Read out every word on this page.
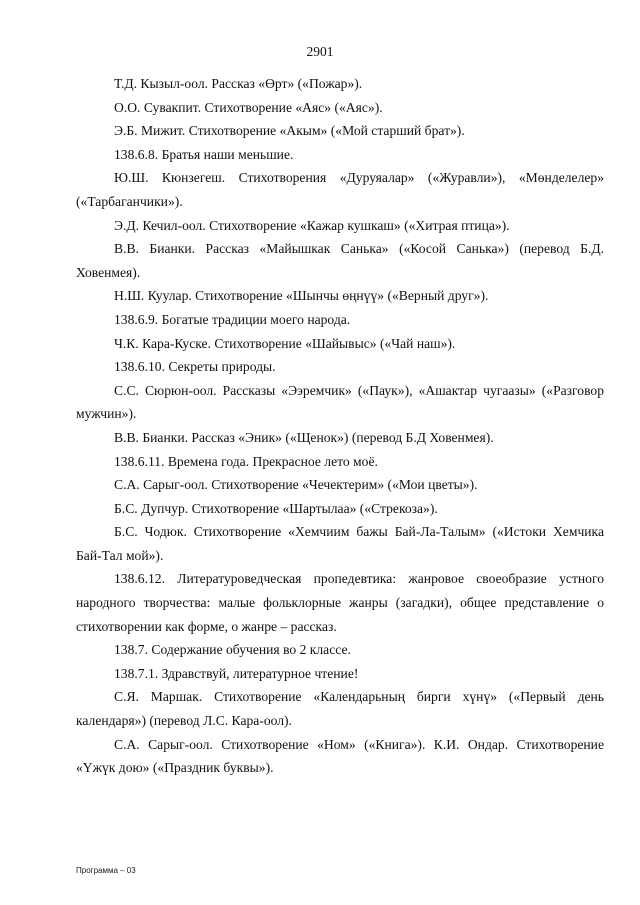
2901

Т.Д. Кызыл-оол. Рассказ «Өрт» («Пожар»).

О.О. Сувакпит. Стихотворение «Аяс» («Аяс»).

Э.Б. Мижит. Стихотворение «Акым» («Мой старший брат»).

138.6.8. Братья наши меньшие.

Ю.Ш. Кюнзегеш. Стихотворения «Дуруяалар» («Журавли»), «Мөнделелер» («Тарбаганчики»).

Э.Д. Кечил-оол. Стихотворение «Кажар кушкаш» («Хитрая птица»).

В.В. Бианки. Рассказ «Майышкак Санька» («Косой Санька») (перевод Б.Д. Ховенмея).

Н.Ш. Куулар. Стихотворение «Шынчы өңнүү» («Верный друг»).

138.6.9. Богатые традиции моего народа.

Ч.К. Кара-Куске. Стихотворение «Шайывыс» («Чай наш»).

138.6.10. Секреты природы.

С.С. Сюрюн-оол. Рассказы «Ээремчик» («Паук»), «Ашактар чугаазы» («Разговор мужчин»).

В.В. Бианки. Рассказ «Эник» («Щенок») (перевод Б.Д Ховенмея).

138.6.11. Времена года. Прекрасное лето моё.

С.А. Сарыг-оол. Стихотворение «Чечектерим» («Мои цветы»).

Б.С. Дупчур. Стихотворение «Шартылаа» («Стрекоза»).

Б.С. Чодюк. Стихотворение «Хемчиим бажы Бай-Ла-Талым» («Истоки Хемчика Бай-Тал мой»).

138.6.12. Литературоведческая пропедевтика: жанровое своеобразие устного народного творчества: малые фольклорные жанры (загадки), общее представление о стихотворении как форме, о жанре – рассказ.

138.7. Содержание обучения во 2 классе.

138.7.1. Здравствуй, литературное чтение!

С.Я. Маршак. Стихотворение «Календарьның бирги хүнү» («Первый день календаря») (перевод Л.С. Кара-оол).

С.А. Сарыг-оол. Стихотворение «Ном» («Книга»). К.И. Ондар. Стихотворение «Үжүк дою» («Праздник буквы»).

Программа – 03
